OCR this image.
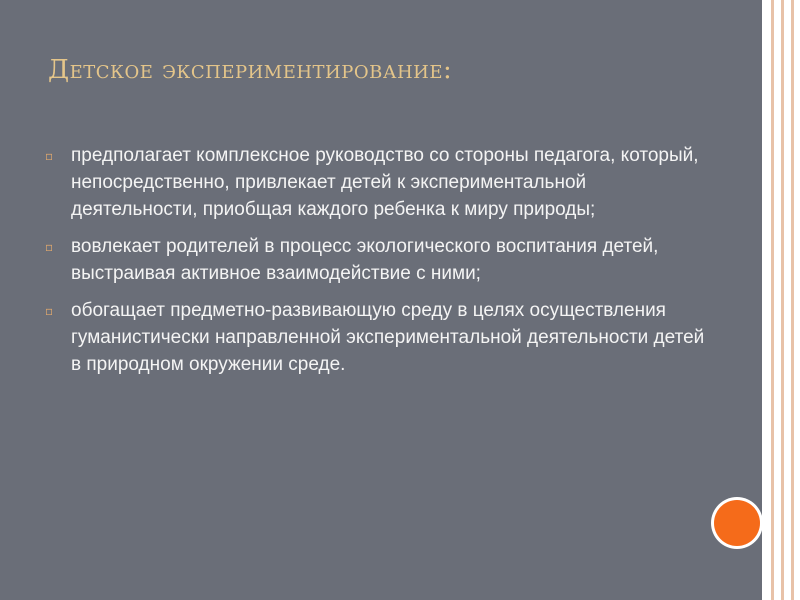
Детское экспериментирование:
▫ предполагает комплексное руководство со стороны педагога, который, непосредственно, привлекает детей к экспериментальной деятельности, приобщая каждого ребенка к миру природы;
▫ вовлекает родителей в процесс экологического воспитания детей, выстраивая активное взаимодействие с ними;
▫ обогащает предметно-развивающую среду в целях осуществления гуманистически направленной экспериментальной деятельности детей в природном окружении среде.
